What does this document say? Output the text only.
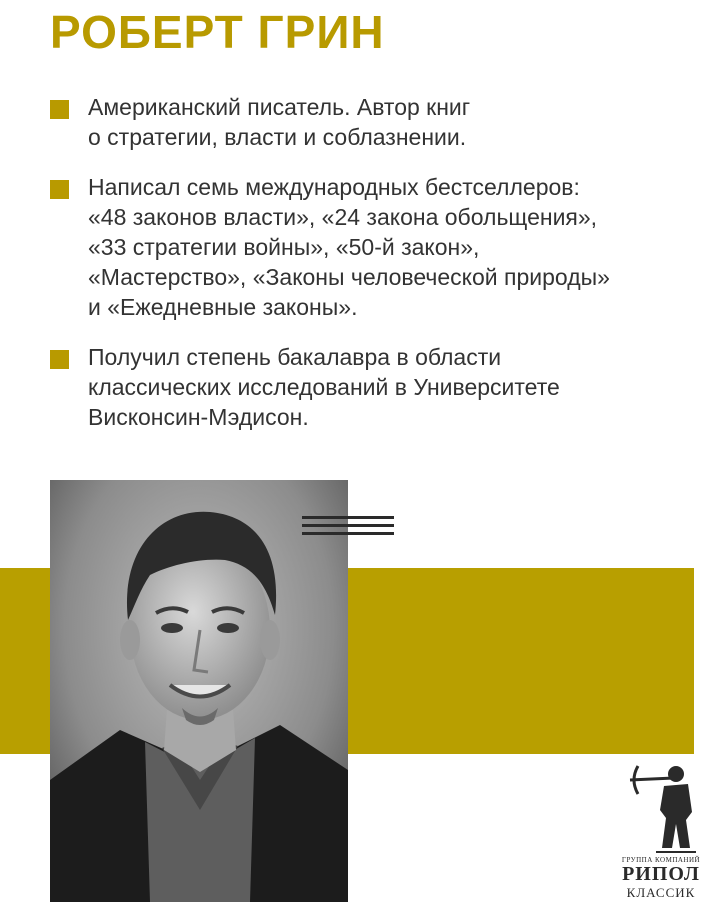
РОБЕРТ ГРИН
Американский писатель. Автор книг
о стратегии, власти и соблазнении.
Написал семь международных бестселлеров:
«48 законов власти», «24 закона обольщения»,
«33 стратегии войны», «50-й закон»,
«Мастерство», «Законы человеческой природы»
и «Ежедневные законы».
Получил степень бакалавра в области
классических исследований в Университете
Висконсин-Мэдисон.
ГРУППА КОМПАНИЙ
РИПОЛ
КЛАССИК
